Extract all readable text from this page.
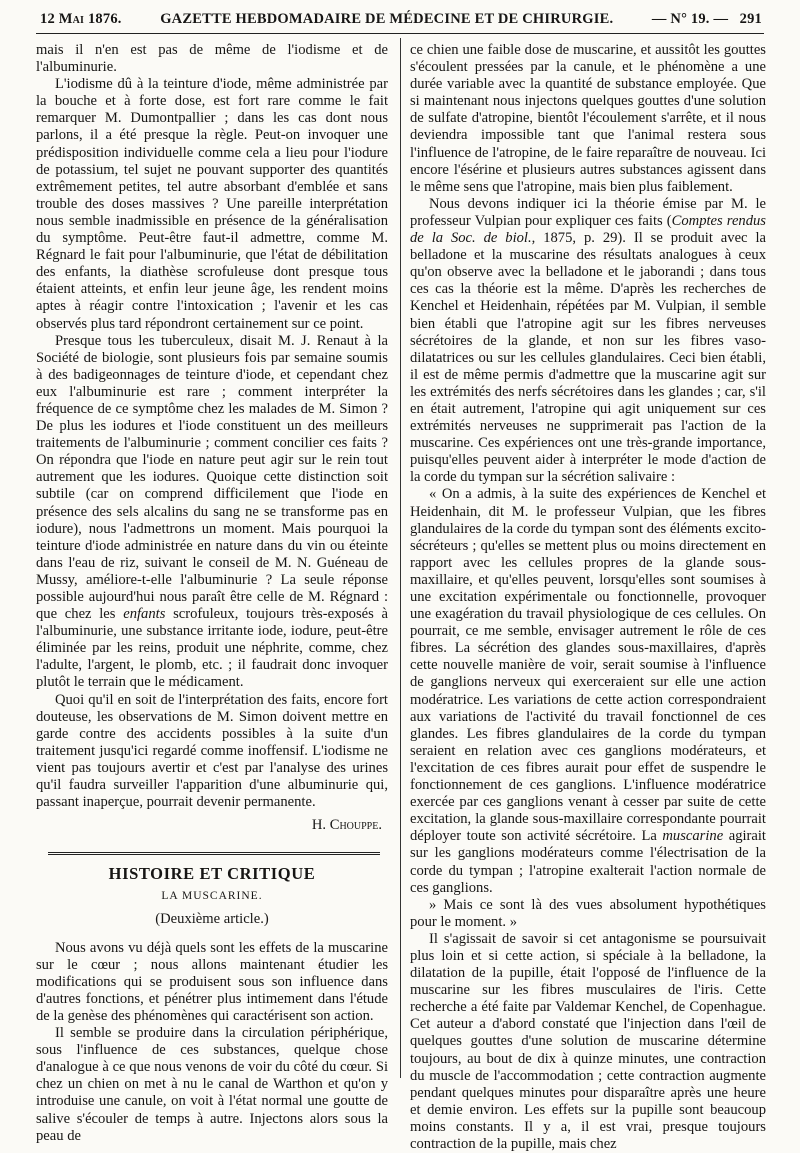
12 Mai 1876.	GAZETTE HEBDOMADAIRE DE MÉDECINE ET DE CHIRURGIE.	— N° 19. — 291

mais il n'en est pas de même de l'iodisme et de l'albuminurie.

L'iodisme dû à la teinture d'iode, même administrée par la bouche et à forte dose, est fort rare comme le fait remarquer M. Dumontpallier ; dans les cas dont nous parlons, il a été presque la règle. Peut-on invoquer une prédisposition individuelle comme cela a lieu pour l'iodure de potassium, tel sujet ne pouvant supporter des quantités extrêmement petites, tel autre absorbant d'emblée et sans trouble des doses massives ? Une pareille interprétation nous semble inadmissible en présence de la généralisation du symptôme. Peut-être faut-il admettre, comme M. Régnard le fait pour l'albuminurie, que l'état de débilitation des enfants, la diathèse scrofuleuse dont presque tous étaient atteints, et enfin leur jeune âge, les rendent moins aptes à réagir contre l'intoxication ; l'avenir et les cas observés plus tard répondront certainement sur ce point.

Presque tous les tuberculeux, disait M. J. Renaut à la Société de biologie, sont plusieurs fois par semaine soumis à des badigeonnages de teinture d'iode, et cependant chez eux l'albuminurie est rare ; comment interpréter la fréquence de ce symptôme chez les malades de M. Simon ? De plus les iodures et l'iode constituent un des meilleurs traitements de l'albuminurie ; comment concilier ces faits ? On répondra que l'iode en nature peut agir sur le rein tout autrement que les iodures. Quoique cette distinction soit subtile (car on comprend difficilement que l'iode en présence des sels alcalins du sang ne se transforme pas en iodure), nous l'admettrons un moment. Mais pourquoi la teinture d'iode administrée en nature dans du vin ou éteinte dans l'eau de riz, suivant le conseil de M. N. Guéneau de Mussy, améliore-t-elle l'albuminurie ? La seule réponse possible aujourd'hui nous paraît être celle de M. Régnard : que chez les enfants scrofuleux, toujours très-exposés à l'albuminurie, une substance irritante iode, iodure, peut-être éliminée par les reins, produit une néphrite, comme, chez l'adulte, l'argent, le plomb, etc. ; il faudrait donc invoquer plutôt le terrain que le médicament.

Quoi qu'il en soit de l'interprétation des faits, encore fort douteuse, les observations de M. Simon doivent mettre en garde contre des accidents possibles à la suite d'un traitement jusqu'ici regardé comme inoffensif. L'iodisme ne vient pas toujours avertir et c'est par l'analyse des urines qu'il faudra surveiller l'apparition d'une albuminurie qui, passant inaperçue, pourrait devenir permanente.

H. Chouppe.
HISTOIRE ET CRITIQUE
LA MUSCARINE.
(Deuxième article.)

Nous avons vu déjà quels sont les effets de la muscarine sur le cœur ; nous allons maintenant étudier les modifications qui se produisent sous son influence dans d'autres fonctions, et pénétrer plus intimement dans l'étude de la genèse des phénomènes qui caractérisent son action.

Il semble se produire dans la circulation périphérique, sous l'influence de ces substances, quelque chose d'analogue à ce que nous venons de voir du côté du cœur. Si chez un chien on met à nu le canal de Warthon et qu'on y introduise une canule, on voit à l'état normal une goutte de salive s'écouler de temps à autre. Injectons alors sous la peau de

ce chien une faible dose de muscarine, et aussitôt les gouttes s'écoulent pressées par la canule, et le phénomène a une durée variable avec la quantité de substance employée. Que si maintenant nous injectons quelques gouttes d'une solution de sulfate d'atropine, bientôt l'écoulement s'arrête, et il nous deviendra impossible tant que l'animal restera sous l'influence de l'atropine, de le faire reparaître de nouveau. Ici encore l'ésérine et plusieurs autres substances agissent dans le même sens que l'atropine, mais bien plus faiblement.

Nous devons indiquer ici la théorie émise par M. le professeur Vulpian pour expliquer ces faits (Comptes rendus de la Soc. de biol., 1875, p. 29). Il se produit avec la belladone et la muscarine des résultats analogues à ceux qu'on observe avec la belladone et le jaborandi ; dans tous ces cas la théorie est la même. D'après les recherches de Kenchel et Heidenhain, répétées par M. Vulpian, il semble bien établi que l'atropine agit sur les fibres nerveuses sécrétoires de la glande, et non sur les fibres vaso-dilatatrices ou sur les cellules glandulaires. Ceci bien établi, il est de même permis d'admettre que la muscarine agit sur les extrémités des nerfs sécrétoires dans les glandes ; car, s'il en était autrement, l'atropine qui agit uniquement sur ces extrémités nerveuses ne supprimerait pas l'action de la muscarine. Ces expériences ont une très-grande importance, puisqu'elles peuvent aider à interpréter le mode d'action de la corde du tympan sur la sécrétion salivaire :

« On a admis, à la suite des expériences de Kenchel et Heidenhain, dit M. le professeur Vulpian, que les fibres glandulaires de la corde du tympan sont des éléments excito-sécréteurs ; qu'elles se mettent plus ou moins directement en rapport avec les cellules propres de la glande sous-maxillaire, et qu'elles peuvent, lorsqu'elles sont soumises à une excitation expérimentale ou fonctionnelle, provoquer une exagération du travail physiologique de ces cellules. On pourrait, ce me semble, envisager autrement le rôle de ces fibres. La sécrétion des glandes sous-maxillaires, d'après cette nouvelle manière de voir, serait soumise à l'influence de ganglions nerveux qui exerceraient sur elle une action modératrice. Les variations de cette action correspondraient aux variations de l'activité du travail fonctionnel de ces glandes. Les fibres glandulaires de la corde du tympan seraient en relation avec ces ganglions modérateurs, et l'excitation de ces fibres aurait pour effet de suspendre le fonctionnement de ces ganglions. L'influence modératrice exercée par ces ganglions venant à cesser par suite de cette excitation, la glande sous-maxillaire correspondante pourrait déployer toute son activité sécrétoire. La muscarine agirait sur les ganglions modérateurs comme l'électrisation de la corde du tympan ; l'atropine exalterait l'action normale de ces ganglions.

» Mais ce sont là des vues absolument hypothétiques pour le moment. »

Il s'agissait de savoir si cet antagonisme se poursuivait plus loin et si cette action, si spéciale à la belladone, la dilatation de la pupille, était l'opposé de l'influence de la muscarine sur les fibres musculaires de l'iris. Cette recherche a été faite par Valdemar Kenchel, de Copenhague. Cet auteur a d'abord constaté que l'injection dans l'œil de quelques gouttes d'une solution de muscarine détermine toujours, au bout de dix à quinze minutes, une contraction du muscle de l'accommodation ; cette contraction augmente pendant quelques minutes pour disparaître après une heure et demie environ. Les effets sur la pupille sont beaucoup moins constants. Il y a, il est vrai, presque toujours contraction de la pupille, mais chez
